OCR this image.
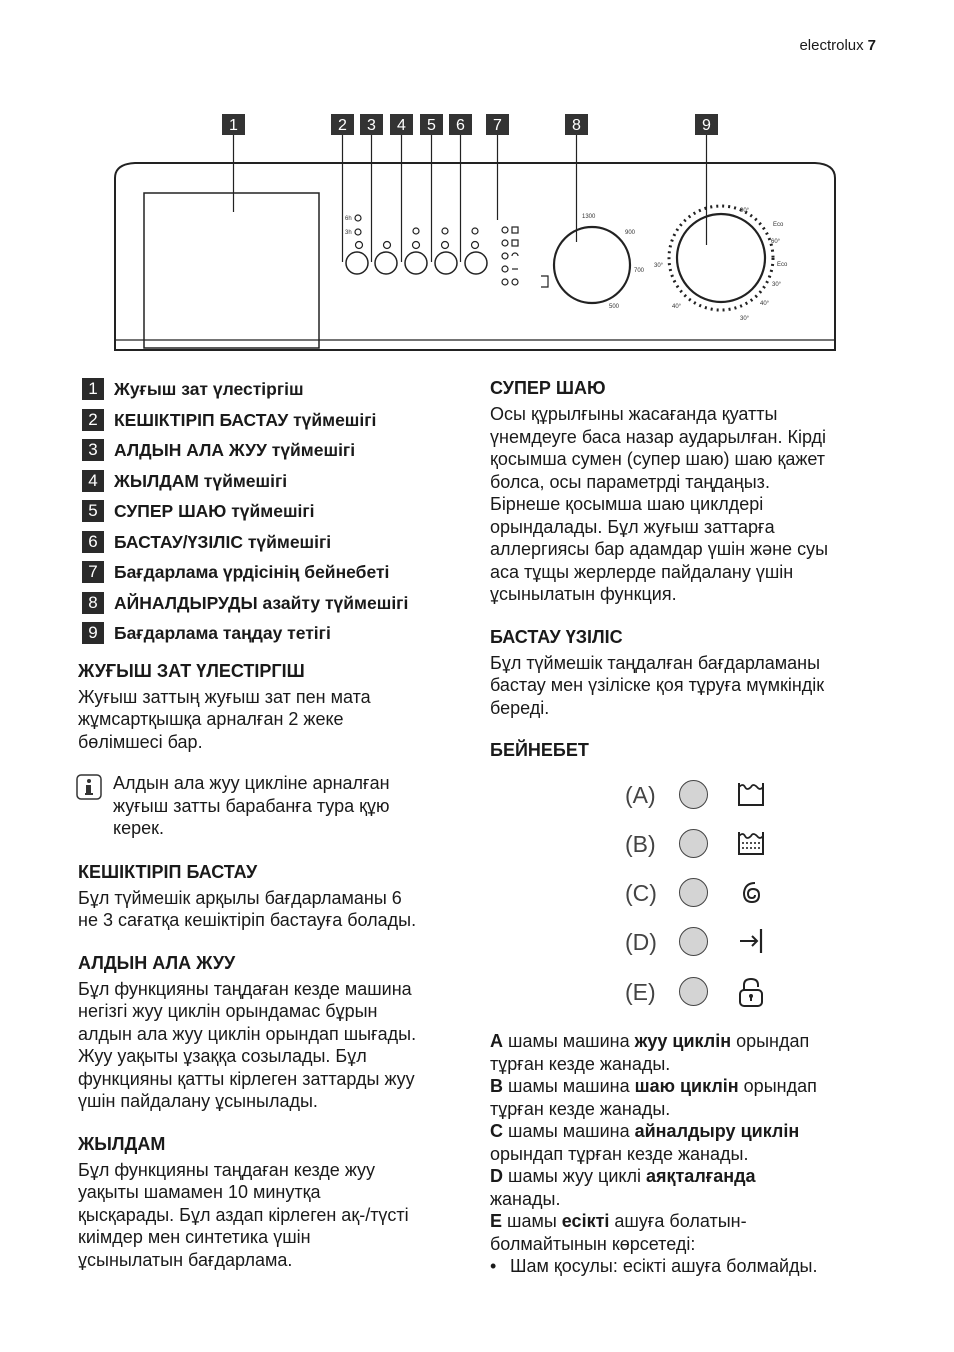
electrolux 7
1	2 3 4 5 6 7	8	9
6h
3h
1300
900
700
500
90°
60°
30°
40°
30°
40°
30°
Eco
Eco
1 Жуғыш зат үлестіргіш
2 КЕШІКТІРІП БАСТАУ түймешігі
3 АЛДЫН АЛА ЖУУ түймешігі
4 ЖЫЛДАМ түймешігі
5 СУПЕР ШАЮ түймешігі
6 БАСТАУ/ҮЗІЛІС түймешігі
7 Бағдарлама үрдісінің бейнебеті
8 АЙНАЛДЫРУДЫ азайту түймешігі
9 Бағдарлама таңдау тетігі
ЖУҒЫШ ЗАТ ҮЛЕСТІРГІШ

Жуғыш заттың жуғыш зат пен мата

жұмсартқышқа арналған 2 жеке

бөлімшесі бар.

Алдын ала жуу цикліне арналған

жуғыш затты барабанға тура құю

керек.

КЕШІКТІРІП БАСТАУ

Бұл түймешік арқылы бағдарламаны 6

не 3 сағатқа кешіктіріп бастауға болады.

АЛДЫН АЛА ЖУУ

Бұл функцияны таңдаған кезде машина

негізгі жуу циклін орындамас бұрын

алдын ала жуу циклін орындап шығады.

Жуу уақыты ұзаққа созылады. Бұл

функцияны қатты кірлеген заттарды жуу

үшін пайдалану ұсынылады.

ЖЫЛДАМ

Бұл функцияны таңдаған кезде жуу

уақыты шамамен 10 минутқа

қысқарады. Бұл аздап кірлеген ақ-/түсті

киімдер мен синтетика үшін

ұсынылатын бағдарлама.

СУПЕР ШАЮ

Осы құрылғыны жасағанда қуатты

үнемдеуге баса назар аударылған. Кірді

қосымша сумен (супер шаю) шаю қажет

болса, осы параметрді таңдаңыз.

Бірнеше қосымша шаю циклдері

орындалады. Бұл жуғыш заттарға

аллергиясы бар адамдар үшін және суы

аса тұщы жерлерде пайдалану үшін

ұсынылатын функция.

БАСТАУ ҮЗІЛІС

Бұл түймешік таңдалған бағдарламаны

бастау мен үзіліске қоя тұруға мүмкіндік

береді.

БЕЙНЕБЕТ
(A)
(B)
(C)
(D)
(E)

A шамы машина жуу циклін орындап

тұрған кезде жанады.

B шамы машина шаю циклін орындап

тұрған кезде жанады.

C шамы машина айналдыру циклін

орындап тұрған кезде жанады.

D шамы жуу циклі аяқталғанда

жанады.

E шамы есікті ашуға болатын-

болмайтынын көрсетеді:

• Шам қосулы: есікті ашуға болмайды.
